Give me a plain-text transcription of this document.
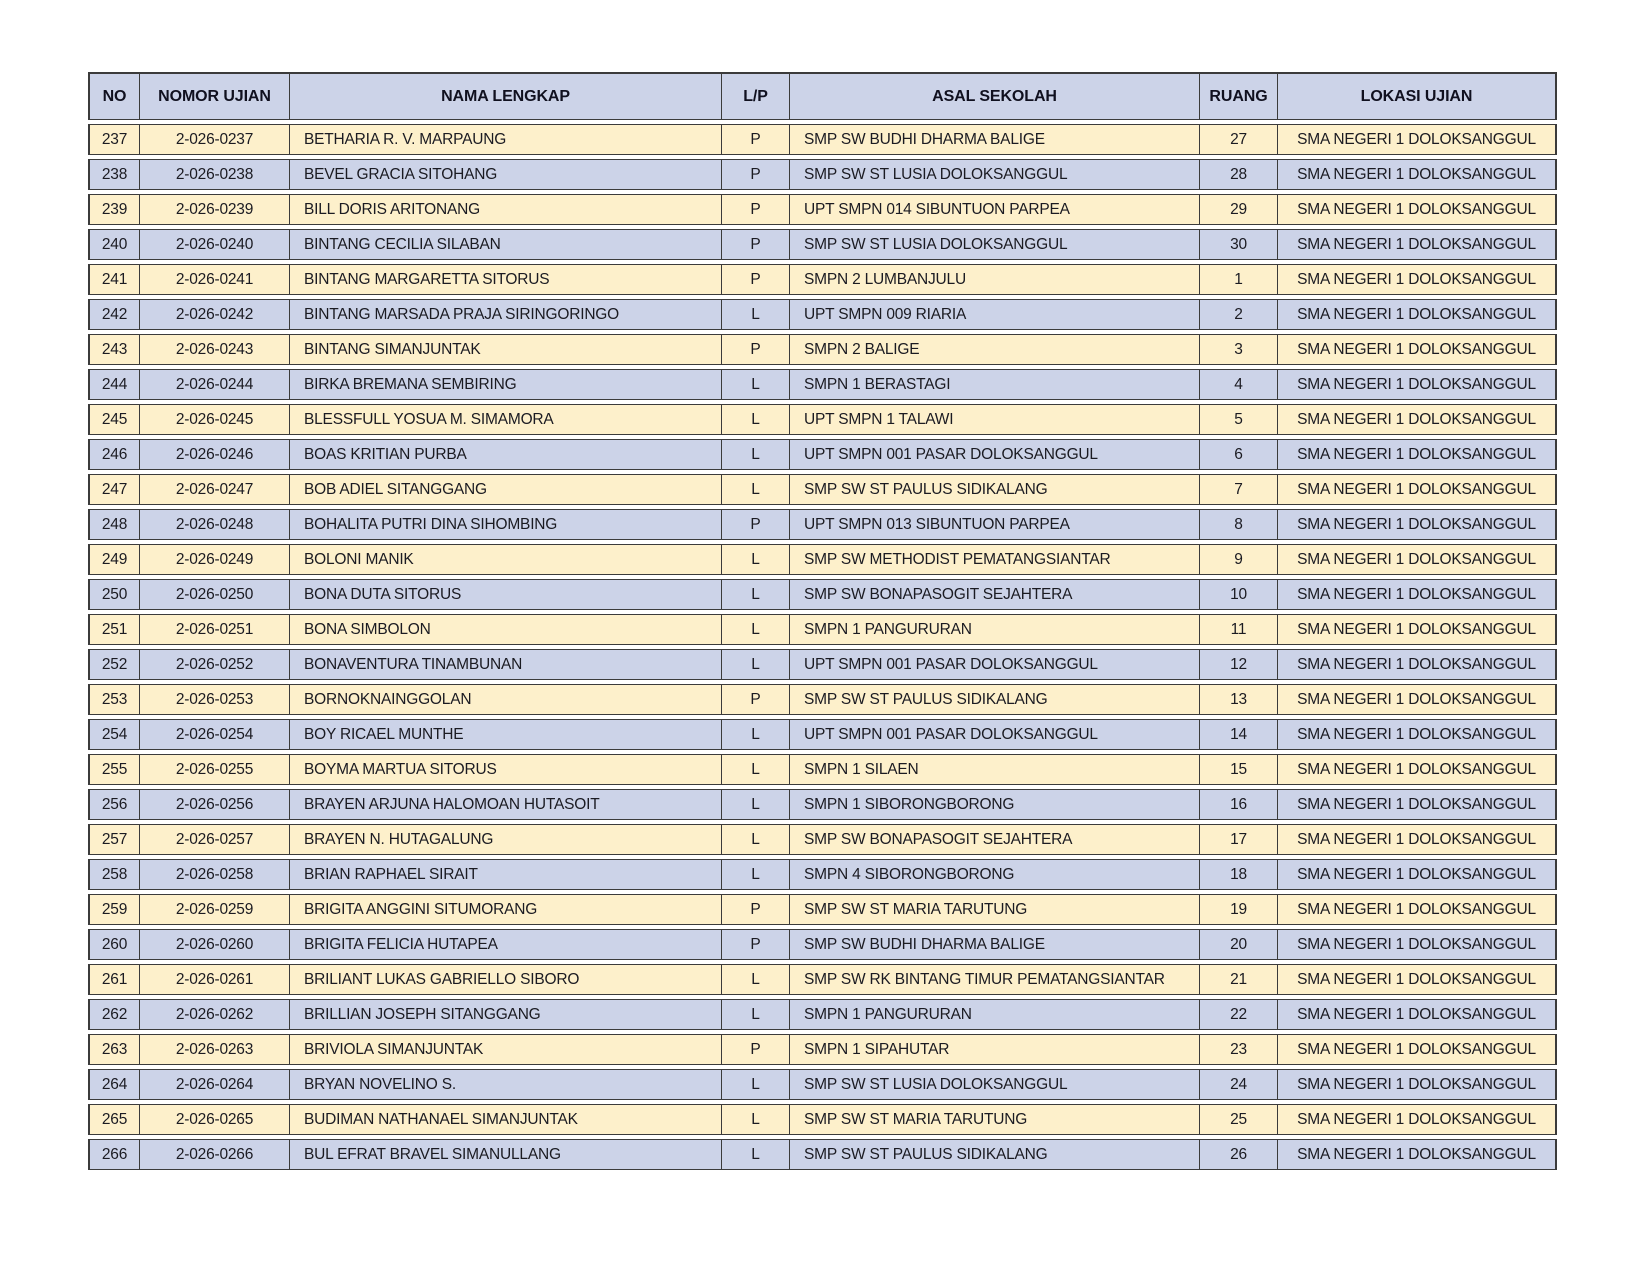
NO	NOMOR UJIAN	NAMA LENGKAP	L/P	ASAL SEKOLAH	RUANG	LOKASI UJIAN
237	2-026-0237	BETHARIA R. V. MARPAUNG	P	SMP SW BUDHI DHARMA BALIGE	27	SMA NEGERI 1 DOLOKSANGGUL
238	2-026-0238	BEVEL GRACIA SITOHANG	P	SMP SW ST LUSIA DOLOKSANGGUL	28	SMA NEGERI 1 DOLOKSANGGUL
239	2-026-0239	BILL DORIS ARITONANG	P	UPT SMPN 014 SIBUNTUON PARPEA	29	SMA NEGERI 1 DOLOKSANGGUL
240	2-026-0240	BINTANG CECILIA SILABAN	P	SMP SW ST LUSIA DOLOKSANGGUL	30	SMA NEGERI 1 DOLOKSANGGUL
241	2-026-0241	BINTANG MARGARETTA SITORUS	P	SMPN 2 LUMBANJULU	1	SMA NEGERI 1 DOLOKSANGGUL
242	2-026-0242	BINTANG MARSADA PRAJA SIRINGORINGO	L	UPT SMPN 009 RIARIA	2	SMA NEGERI 1 DOLOKSANGGUL
243	2-026-0243	BINTANG SIMANJUNTAK	P	SMPN 2 BALIGE	3	SMA NEGERI 1 DOLOKSANGGUL
244	2-026-0244	BIRKA BREMANA SEMBIRING	L	SMPN 1 BERASTAGI	4	SMA NEGERI 1 DOLOKSANGGUL
245	2-026-0245	BLESSFULL YOSUA M. SIMAMORA	L	UPT SMPN 1 TALAWI	5	SMA NEGERI 1 DOLOKSANGGUL
246	2-026-0246	BOAS KRITIAN PURBA	L	UPT SMPN 001 PASAR DOLOKSANGGUL	6	SMA NEGERI 1 DOLOKSANGGUL
247	2-026-0247	BOB ADIEL SITANGGANG	L	SMP SW ST PAULUS SIDIKALANG	7	SMA NEGERI 1 DOLOKSANGGUL
248	2-026-0248	BOHALITA PUTRI DINA SIHOMBING	P	UPT SMPN 013 SIBUNTUON PARPEA	8	SMA NEGERI 1 DOLOKSANGGUL
249	2-026-0249	BOLONI MANIK	L	SMP SW METHODIST PEMATANGSIANTAR	9	SMA NEGERI 1 DOLOKSANGGUL
250	2-026-0250	BONA DUTA SITORUS	L	SMP SW BONAPASOGIT SEJAHTERA	10	SMA NEGERI 1 DOLOKSANGGUL
251	2-026-0251	BONA SIMBOLON	L	SMPN 1 PANGURURAN	11	SMA NEGERI 1 DOLOKSANGGUL
252	2-026-0252	BONAVENTURA TINAMBUNAN	L	UPT SMPN 001 PASAR DOLOKSANGGUL	12	SMA NEGERI 1 DOLOKSANGGUL
253	2-026-0253	BORNOKNAINGGOLAN	P	SMP SW ST PAULUS SIDIKALANG	13	SMA NEGERI 1 DOLOKSANGGUL
254	2-026-0254	BOY RICAEL MUNTHE	L	UPT SMPN 001 PASAR DOLOKSANGGUL	14	SMA NEGERI 1 DOLOKSANGGUL
255	2-026-0255	BOYMA MARTUA SITORUS	L	SMPN 1 SILAEN	15	SMA NEGERI 1 DOLOKSANGGUL
256	2-026-0256	BRAYEN ARJUNA HALOMOAN HUTASOIT	L	SMPN 1 SIBORONGBORONG	16	SMA NEGERI 1 DOLOKSANGGUL
257	2-026-0257	BRAYEN N. HUTAGALUNG	L	SMP SW BONAPASOGIT SEJAHTERA	17	SMA NEGERI 1 DOLOKSANGGUL
258	2-026-0258	BRIAN RAPHAEL SIRAIT	L	SMPN 4 SIBORONGBORONG	18	SMA NEGERI 1 DOLOKSANGGUL
259	2-026-0259	BRIGITA ANGGINI SITUMORANG	P	SMP SW ST MARIA TARUTUNG	19	SMA NEGERI 1 DOLOKSANGGUL
260	2-026-0260	BRIGITA FELICIA HUTAPEA	P	SMP SW BUDHI DHARMA BALIGE	20	SMA NEGERI 1 DOLOKSANGGUL
261	2-026-0261	BRILIANT LUKAS GABRIELLO SIBORO	L	SMP SW RK BINTANG TIMUR PEMATANGSIANTAR	21	SMA NEGERI 1 DOLOKSANGGUL
262	2-026-0262	BRILLIAN JOSEPH SITANGGANG	L	SMPN 1 PANGURURAN	22	SMA NEGERI 1 DOLOKSANGGUL
263	2-026-0263	BRIVIOLA SIMANJUNTAK	P	SMPN 1 SIPAHUTAR	23	SMA NEGERI 1 DOLOKSANGGUL
264	2-026-0264	BRYAN NOVELINO S.	L	SMP SW ST LUSIA DOLOKSANGGUL	24	SMA NEGERI 1 DOLOKSANGGUL
265	2-026-0265	BUDIMAN NATHANAEL SIMANJUNTAK	L	SMP SW ST MARIA TARUTUNG	25	SMA NEGERI 1 DOLOKSANGGUL
266	2-026-0266	BUL EFRAT BRAVEL SIMANULLANG	L	SMP SW ST PAULUS SIDIKALANG	26	SMA NEGERI 1 DOLOKSANGGUL
